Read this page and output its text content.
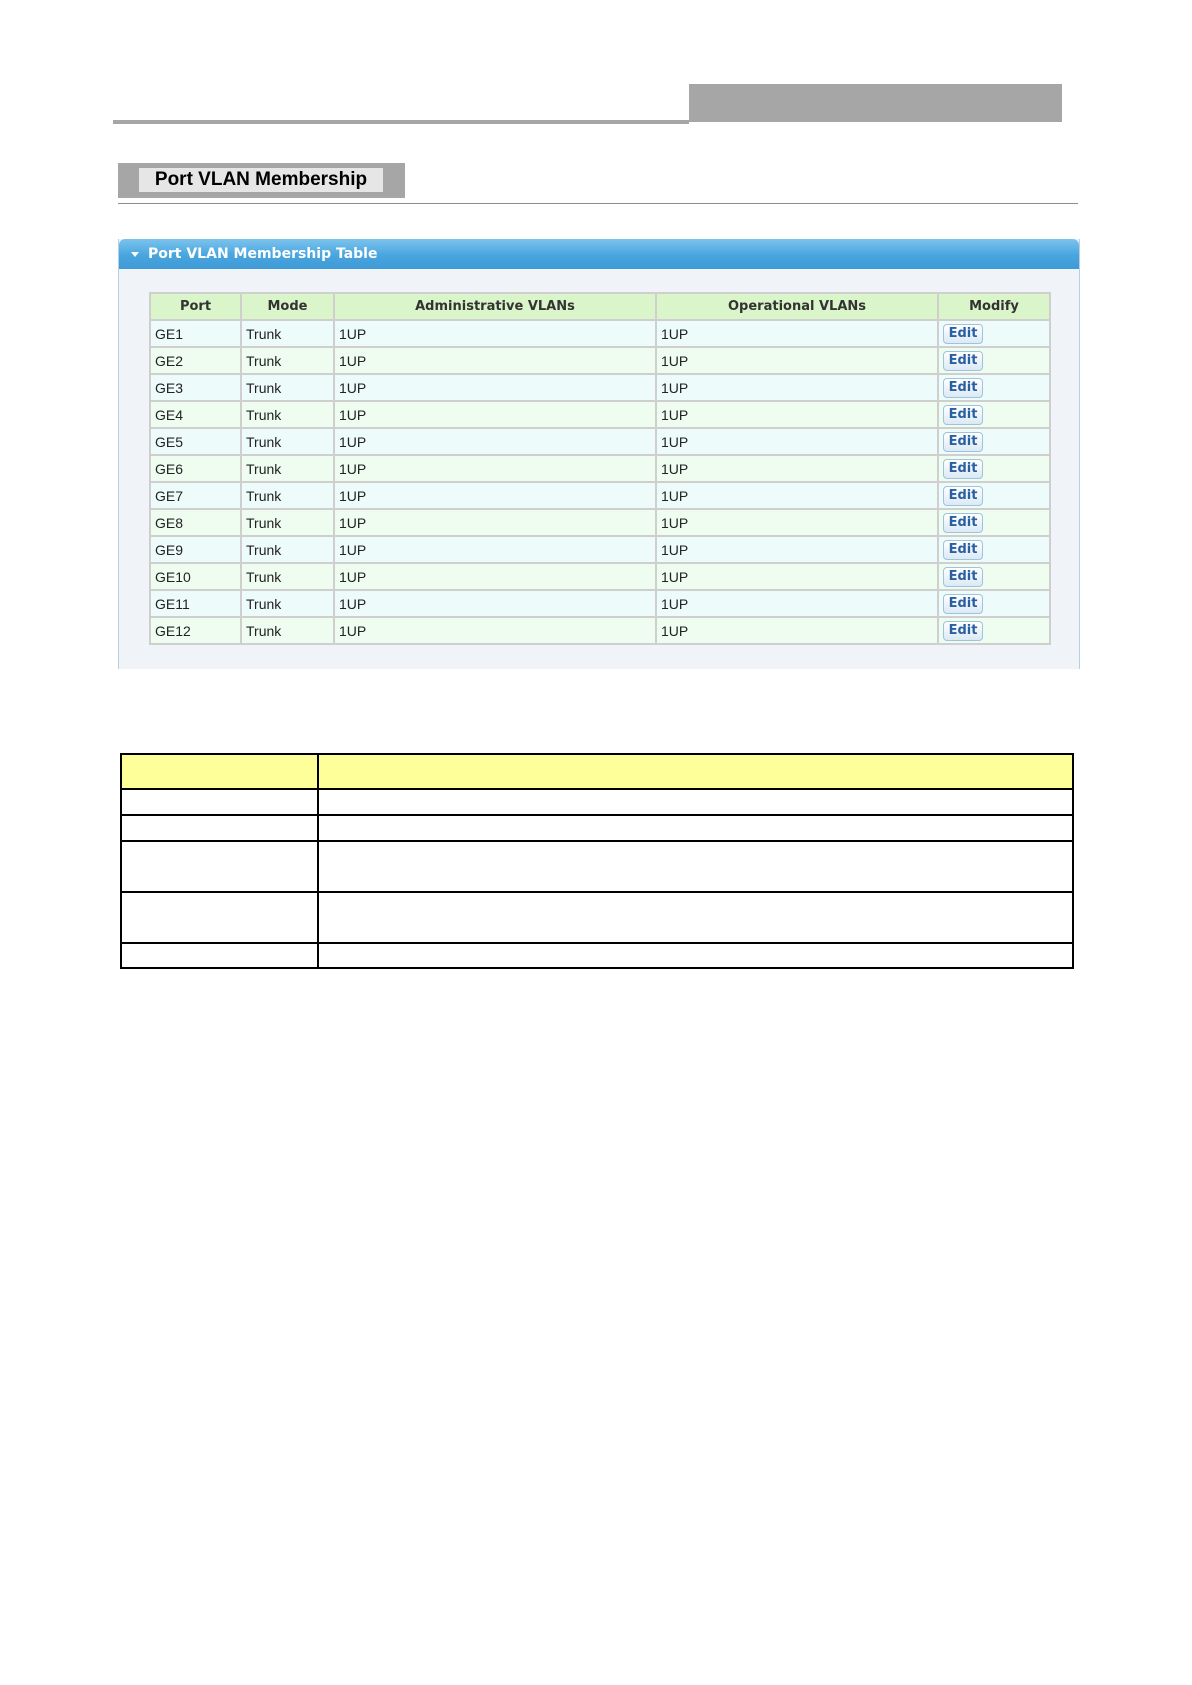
Port VLAN Membership
Port VLAN Membership Table
Port	Mode	Administrative VLANs	Operational VLANs	Modify
GE1	Trunk	1UP	1UP	Edit
GE2	Trunk	1UP	1UP	Edit
GE3	Trunk	1UP	1UP	Edit
GE4	Trunk	1UP	1UP	Edit
GE5	Trunk	1UP	1UP	Edit
GE6	Trunk	1UP	1UP	Edit
GE7	Trunk	1UP	1UP	Edit
GE8	Trunk	1UP	1UP	Edit
GE9	Trunk	1UP	1UP	Edit
GE10	Trunk	1UP	1UP	Edit
GE11	Trunk	1UP	1UP	Edit
GE12	Trunk	1UP	1UP	Edit
